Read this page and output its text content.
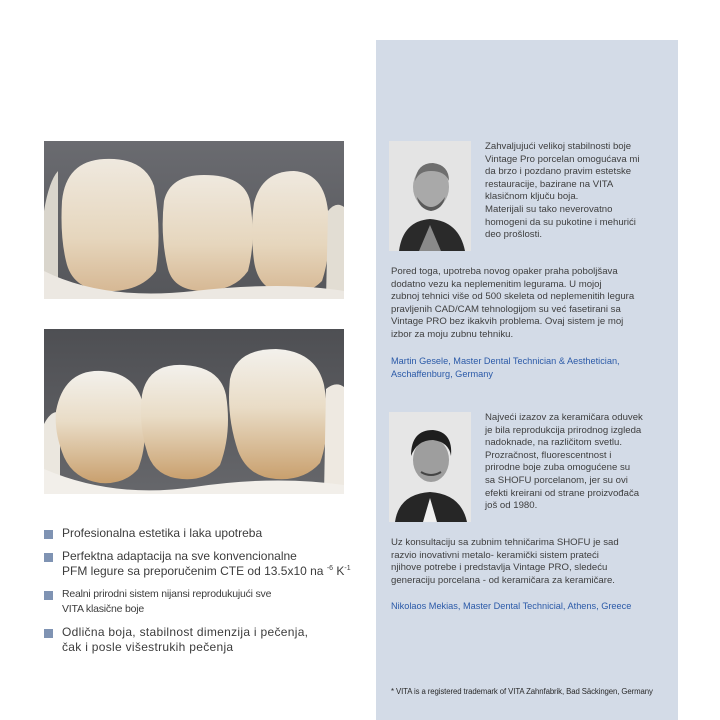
Profesionalna estetika i laka upotreba
Perfektna adaptacija na sve konvencionalne
PFM legure sa preporučenim CTE od 13.5x10 na $^{-6}$ $K^{-1}$
Realni prirodni sistem nijansi reprodukujući sve
VITA klasične boje
Odlična boja, stabilnost dimenzija i pečenja,
čak i posle višestrukih pečenja
Zahvaljujući velikoj stabilnosti boje
Vintage Pro porcelan omogućava mi
da brzo i pozdano pravim estetske
restauracije, bazirane na VITA
klasičnom ključu boja.
Materijali su tako neverovatno
homogeni da su pukotine i mehurići
deo prošlosti.
Pored toga, upotreba novog opaker praha poboljšava
dodatno vezu ka neplemenitim leguramа. U mojoj
zubnoj tehnici više od 500 skeleta od neplemenitih legura
pravljenih CAD/CAM tehnologijom su već fasetirani sa
Vintage PRO bez ikakvih problema. Ovaj sistem je moj
izbor za moju zubnu tehniku.
Martin Gesele, Master Dental Technician & Aesthetician,
Aschaffenburg, Germany
Najveći izazov za keramičara oduvek
je bila reprodukcija prirodnog izgleda
nadoknade, na različitom svetlu.
Prozračnost, fluorescentnost i
prirodne boje zuba omogućene su
sa SHOFU porcelanom, jer su ovi
efekti kreirani od strane proizvođača
još od 1980.
Uz konsultaciju sa zubnim tehničarima SHOFU je sad
razvio inovativni metalo- keramički sistem prateći
njihove potrebe i predstavlja Vintage PRO, sledeću
generaciju porcelana - od keramičara za keramičare.
Nikolaos Mekias, Master Dental Technicial, Athens, Greece
* VITA is a registered trademark of VITA Zahnfabrik, Bad Säckingen, Germany
